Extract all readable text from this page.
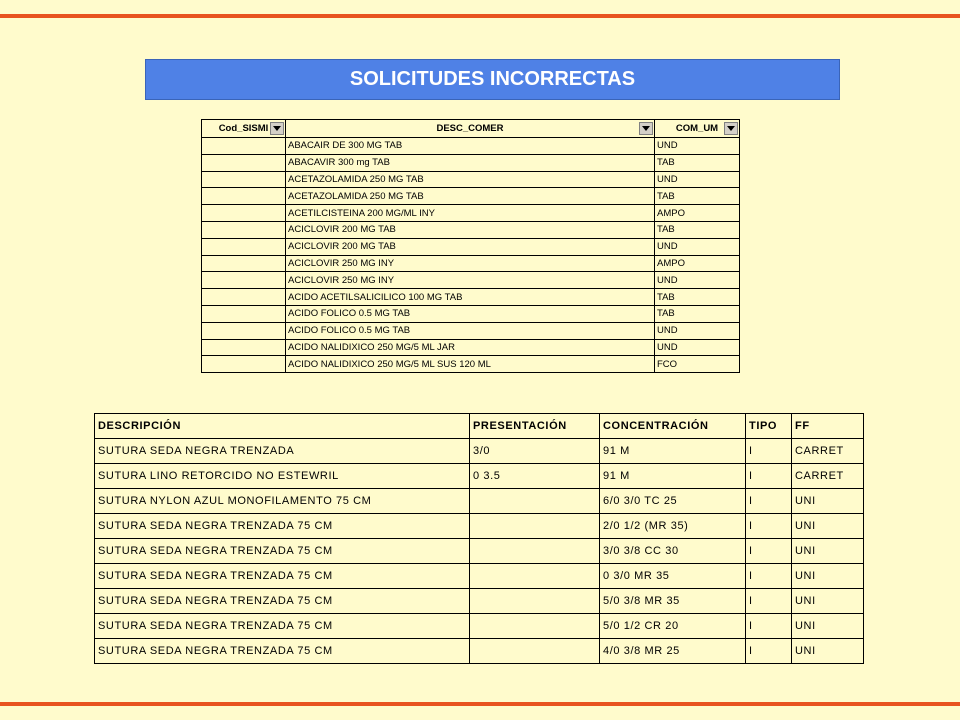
SOLICITUDES INCORRECTAS
Cod_SISMI	DESC_COMER	COM_UM

	ABACAIR DE 300 MG TAB	UND
	ABACAVIR 300 mg TAB	TAB
	ACETAZOLAMIDA 250 MG TAB	UND
	ACETAZOLAMIDA 250 MG TAB	TAB
	ACETILCISTEINA 200 MG/ML INY	AMPO
	ACICLOVIR 200 MG TAB	TAB
	ACICLOVIR 200 MG TAB	UND
	ACICLOVIR 250 MG INY	AMPO
	ACICLOVIR 250 MG INY	UND
	ACIDO ACETILSALICILICO 100 MG TAB	TAB
	ACIDO FOLICO 0.5 MG TAB	TAB
	ACIDO FOLICO 0.5 MG TAB	UND
	ACIDO NALIDIXICO 250 MG/5 ML JAR	UND
	ACIDO NALIDIXICO 250 MG/5 ML SUS 120 ML	FCO
DESCRIPCIÓN	PRESENTACIÓN	CONCENTRACIÓN	TIPO	FF
SUTURA SEDA NEGRA TRENZADA	3/0	91 M	I	CARRET
SUTURA LINO RETORCIDO NO ESTEWRIL	0 3.5	91 M	I	CARRET
SUTURA NYLON AZUL MONOFILAMENTO 75 CM		6/0 3/0 TC 25	I	UNI
SUTURA SEDA NEGRA TRENZADA 75 CM		2/0 1/2 (MR 35)	I	UNI
SUTURA SEDA NEGRA TRENZADA 75 CM		3/0 3/8 CC 30	I	UNI
SUTURA SEDA NEGRA TRENZADA 75 CM		0 3/0 MR 35	I	UNI
SUTURA SEDA NEGRA TRENZADA 75 CM		5/0 3/8 MR 35	I	UNI
SUTURA SEDA NEGRA TRENZADA 75 CM		5/0 1/2 CR 20	I	UNI
SUTURA SEDA NEGRA TRENZADA 75 CM		4/0 3/8 MR 25	I	UNI
